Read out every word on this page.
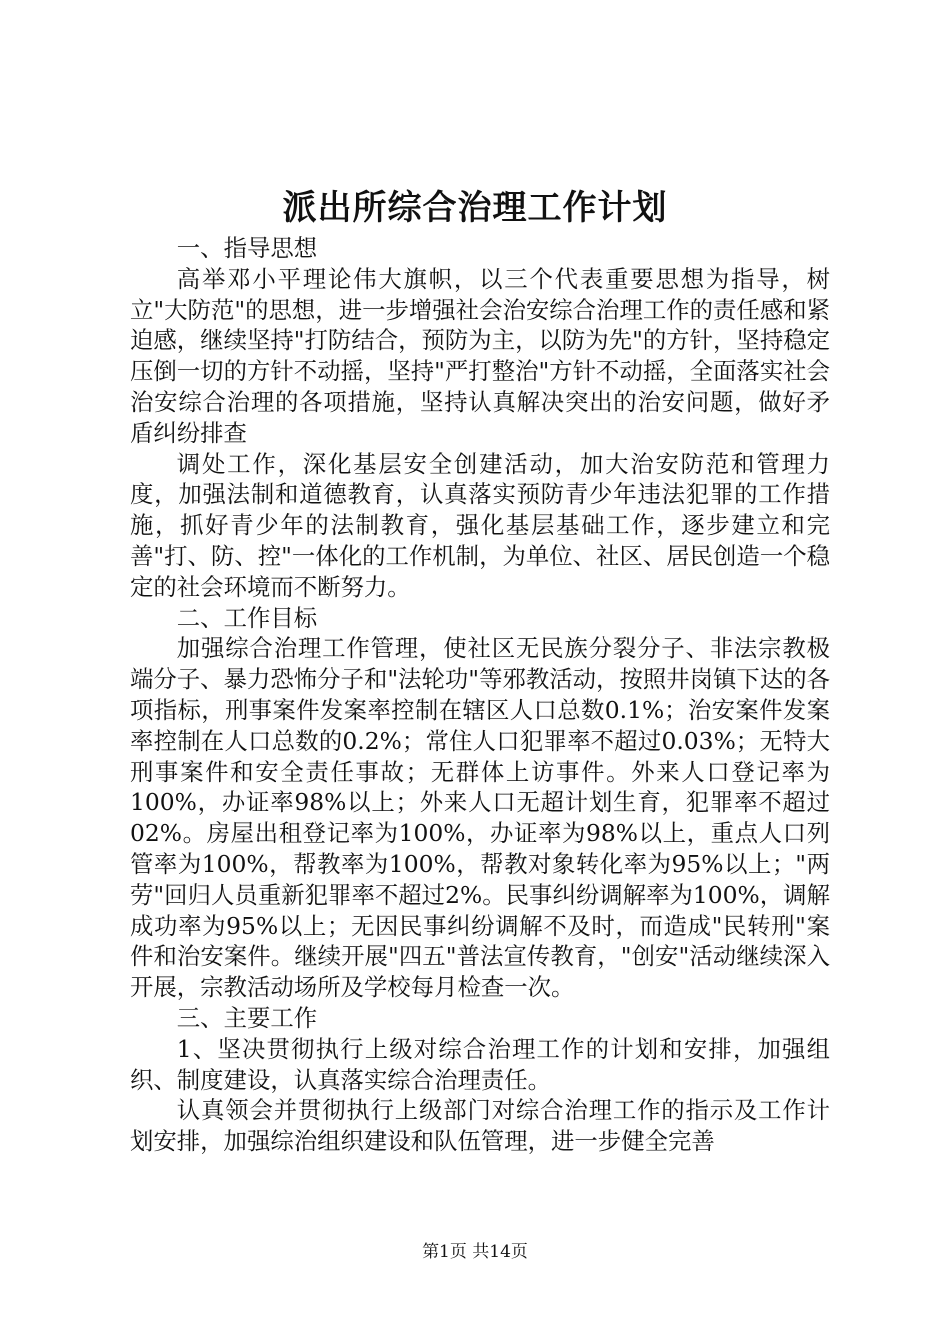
派出所综合治理工作计划

一、指导思想

高举邓小平理论伟大旗帜，以三个代表重要思想为指导，树立"大防范"的思想，进一步增强社会治安综合治理工作的责任感和紧迫感，继续坚持"打防结合，预防为主，以防为先"的方针，坚持稳定压倒一切的方针不动摇，坚持"严打整治"方针不动摇，全面落实社会治安综合治理的各项措施，坚持认真解决突出的治安问题，做好矛盾纠纷排查

调处工作，深化基层安全创建活动，加大治安防范和管理力度，加强法制和道德教育，认真落实预防青少年违法犯罪的工作措施，抓好青少年的法制教育，强化基层基础工作，逐步建立和完善"打、防、控"一体化的工作机制，为单位、社区、居民创造一个稳定的社会环境而不断努力。

二、工作目标

加强综合治理工作管理，使社区无民族分裂分子、非法宗教极端分子、暴力恐怖分子和"法轮功"等邪教活动，按照井岗镇下达的各项指标，刑事案件发案率控制在辖区人口总数0.1%；治安案件发案率控制在人口总数的0.2%；常住人口犯罪率不超过0.03%；无特大刑事案件和安全责任事故；无群体上访事件。外来人口登记率为100%，办证率98%以上；外来人口无超计划生育，犯罪率不超过02%。房屋出租登记率为100%，办证率为98%以上，重点人口列管率为100%，帮教率为100%，帮教对象转化率为95%以上；"两劳"回归人员重新犯罪率不超过2%。民事纠纷调解率为100%，调解成功率为95%以上；无因民事纠纷调解不及时，而造成"民转刑"案件和治安案件。继续开展"四五"普法宣传教育，"创安"活动继续深入开展，宗教活动场所及学校每月检查一次。

三、主要工作

1、坚决贯彻执行上级对综合治理工作的计划和安排，加强组织、制度建设，认真落实综合治理责任。

认真领会并贯彻执行上级部门对综合治理工作的指示及工作计划安排，加强综治组织建设和队伍管理，进一步健全完善

第1页 共14页
